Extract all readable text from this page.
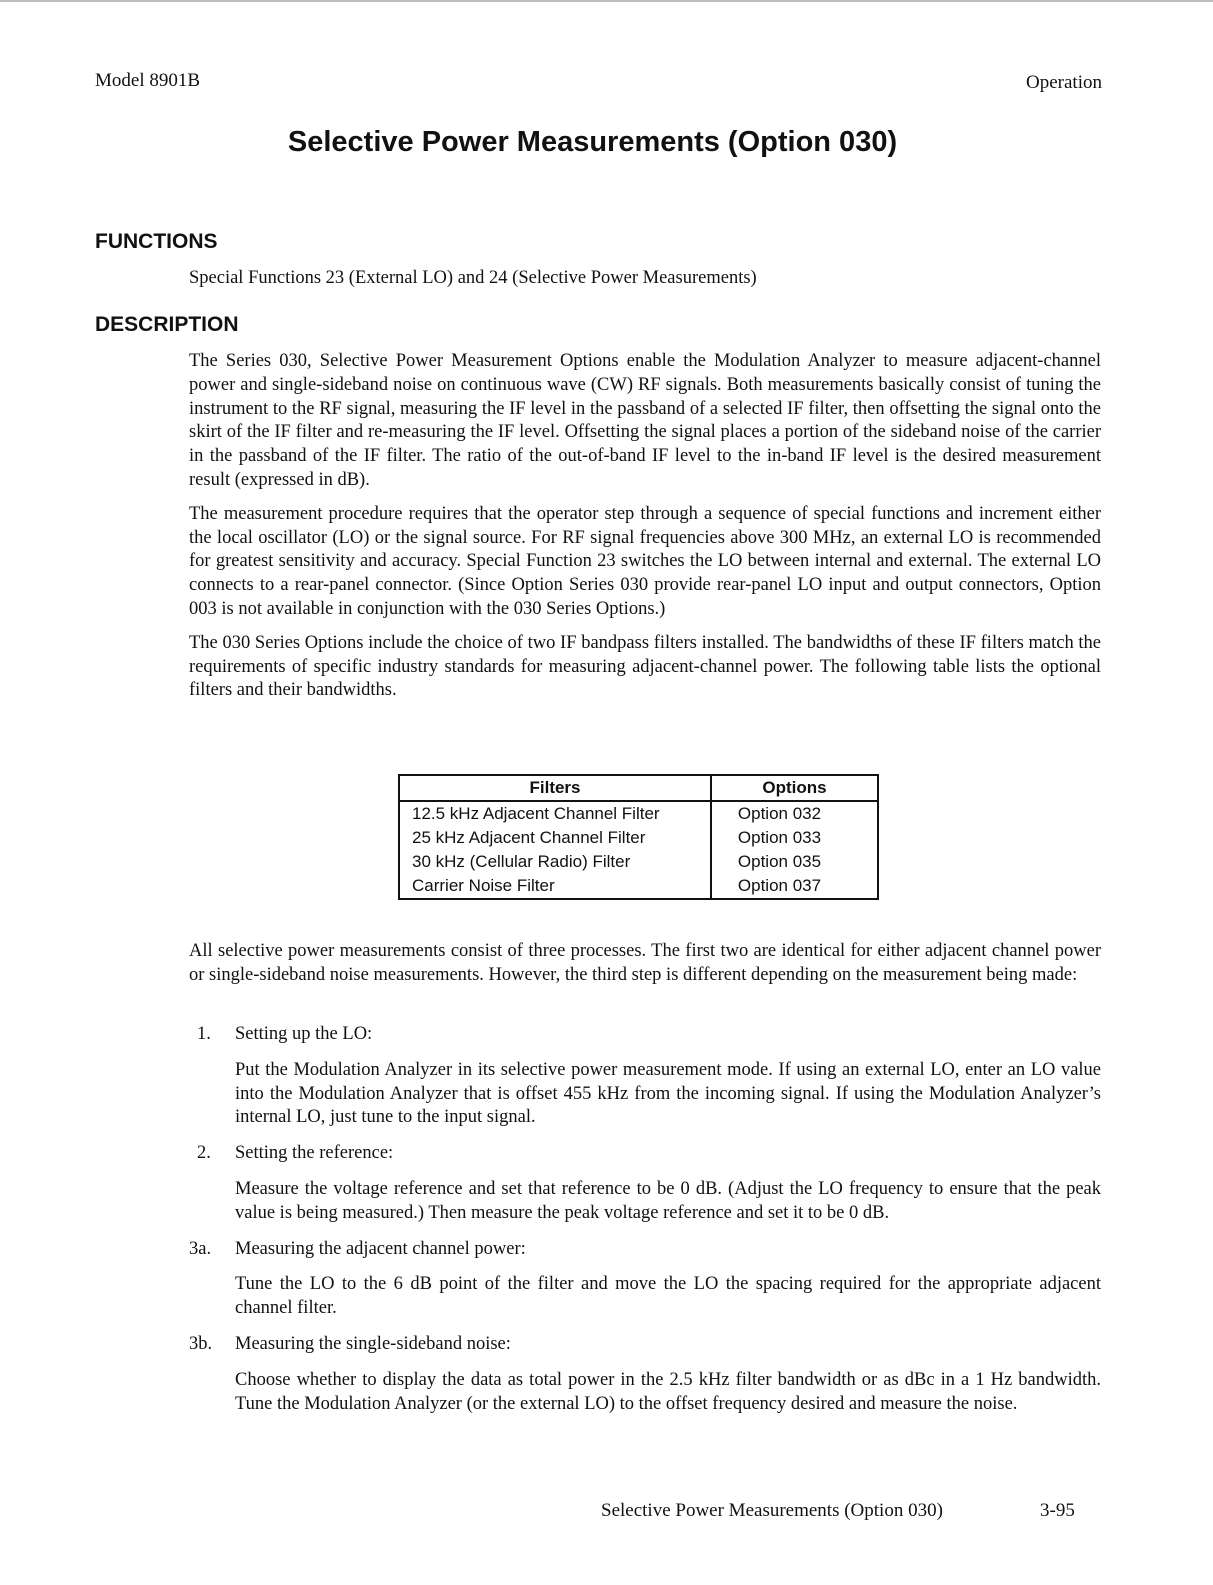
Model 8901B	Operation
Selective Power Measurements (Option 030)
FUNCTIONS
Special Functions 23 (External LO) and 24 (Selective Power Measurements)
DESCRIPTION

The Series 030, Selective Power Measurement Options enable the Modulation Analyzer to measure adjacent-channel power and single-sideband noise on continuous wave (CW) RF signals. Both measurements basically consist of tuning the instrument to the RF signal, measuring the IF level in the passband of a selected IF filter, then offsetting the signal onto the skirt of the IF filter and re-measuring the IF level. Offsetting the signal places a portion of the sideband noise of the carrier in the passband of the IF filter. The ratio of the out-of-band IF level to the in-band IF level is the desired measurement result (expressed in dB).

The measurement procedure requires that the operator step through a sequence of special functions and increment either the local oscillator (LO) or the signal source. For RF signal frequencies above 300 MHz, an external LO is recommended for greatest sensitivity and accuracy. Special Function 23 switches the LO between internal and external. The external LO connects to a rear-panel connector. (Since Option Series 030 provide rear-panel LO input and output connectors, Option 003 is not available in conjunction with the 030 Series Options.)

The 030 Series Options include the choice of two IF bandpass filters installed. The bandwidths of these IF filters match the requirements of specific industry standards for measuring adjacent-channel power. The following table lists the optional filters and their bandwidths.

Filters	Options
12.5 kHz Adjacent Channel Filter	Option 032
25 kHz Adjacent Channel Filter	Option 033
30 kHz (Cellular Radio) Filter	Option 035
Carrier Noise Filter	Option 037
All selective power measurements consist of three processes. The first two are identical for either adjacent channel power or single-sideband noise measurements. However, the third step is different depending on the measurement being made:
1.	Setting up the LO:
Put the Modulation Analyzer in its selective power measurement mode. If using an external LO, enter an LO value into the Modulation Analyzer that is offset 455 kHz from the incoming signal. If using the Modulation Analyzer’s internal LO, just tune to the input signal.
2.	Setting the reference:
Measure the voltage reference and set that reference to be 0 dB. (Adjust the LO frequency to ensure that the peak value is being measured.) Then measure the peak voltage reference and set it to be 0 dB.
3a.	Measuring the adjacent channel power:
Tune the LO to the 6 dB point of the filter and move the LO the spacing required for the appropriate adjacent channel filter.
3b.	Measuring the single-sideband noise:
Choose whether to display the data as total power in the 2.5 kHz filter bandwidth or as dBc in a 1 Hz bandwidth. Tune the Modulation Analyzer (or the external LO) to the offset frequency desired and measure the noise.
Selective Power Measurements (Option 030)	3-95
